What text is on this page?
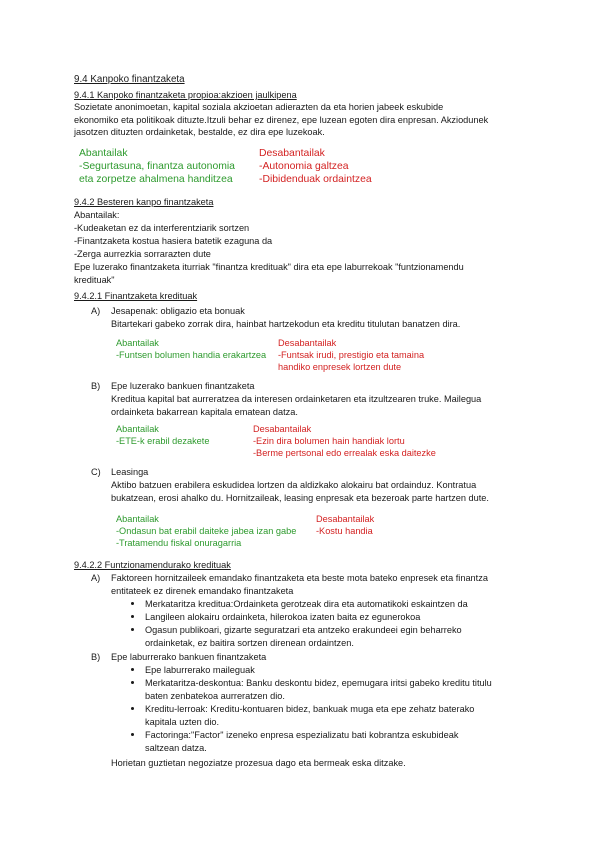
9.4 Kanpoko finantzaketa
9.4.1 Kanpoko finantzaketa propioa:akzioen jaulkipena
Sozietate anonimoetan, kapital soziala akzioetan adierazten da eta horien jabeek eskubide
ekonomiko eta politikoak dituzte.Itzuli behar ez direnez, epe luzean egoten dira enpresan. Akziodunek
jasotzen dituzten ordainketak, bestalde, ez dira epe luzekoak.
Abantailak
-Segurtasuna, finantza autonomia
eta zorpetze ahalmena handitzea
Desabantailak
-Autonomia galtzea
-Dibidenduak ordaintzea
9.4.2 Besteren kanpo finantzaketa
Abantailak:
-Kudeaketan ez da interferentziarik sortzen
-Finantzaketa kostua hasiera batetik ezaguna da
-Zerga aurrezkia sorrarazten dute
Epe luzerako finantzaketa iturriak "finantza kredituak" dira eta epe laburrekoak "funtzionamendu
kredituak"
9.4.2.1 Finantzaketa kredituak
A) Jesapenak: obligazio eta bonuak
Bitartekari gabeko zorrak dira, hainbat hartzekodun eta kreditu titulutan banatzen dira.
Abantailak
-Funtsen bolumen handia erakartzea
Desabantailak
-Funtsak irudi, prestigio eta tamaina
handiko enpresek lortzen dute
B) Epe luzerako bankuen finantzaketa
Kreditua kapital bat aurreratzea da interesen ordainketaren eta itzultzearen truke. Mailegua
ordainketa bakarrean kapitala ematean datza.
Abantailak
-ETE-k erabil dezakete
Desabantailak
-Ezin dira bolumen hain handiak lortu
-Berme pertsonal edo errealak eska daitezke
C) Leasinga
Aktibo batzuen erabilera eskudidea lortzen da aldizkako alokairu bat ordainduz. Kontratua
bukatzean, erosi ahalko du. Hornitzaileak, leasing enpresak eta bezeroak parte hartzen dute.
Abantailak
-Ondasun bat erabil daiteke jabea izan gabe
-Tratamendu fiskal onuragarria
Desabantailak
-Kostu handia
9.4.2.2 Funtzionamendurako kredituak
A) Faktoreen hornitzaileek emandako finantzaketa eta beste mota bateko enpresek eta finantza
entitateek ez direnek emandako finantzaketa
Merkataritza kreditua:Ordainketa gerotzeak dira eta automatikoki eskaintzen da
Langileen alokairu ordainketa, hilerokoa izaten baita ez egunerokoa
Ogasun publikoari, gizarte seguratzari eta antzeko erakundeei egin beharreko
ordainketak, ez baitira sortzen direnean ordaintzen.
B) Epe laburrerako bankuen finantzaketa
Epe laburrerako maileguak
Merkataritza-deskontua: Banku deskontu bidez, epemugara iritsi gabeko kreditu titulu
baten zenbatekoa aurreratzen dio.
Kreditu-lerroak: Kreditu-kontuaren bidez, bankuak muga eta epe zehatz baterako
kapitala uzten dio.
Factoringa:"Factor" izeneko enpresa espezializatu bati kobrantza eskubideak
saltzean datza.
Horietan guztietan negoziatze prozesua dago eta bermeak eska ditzake.
